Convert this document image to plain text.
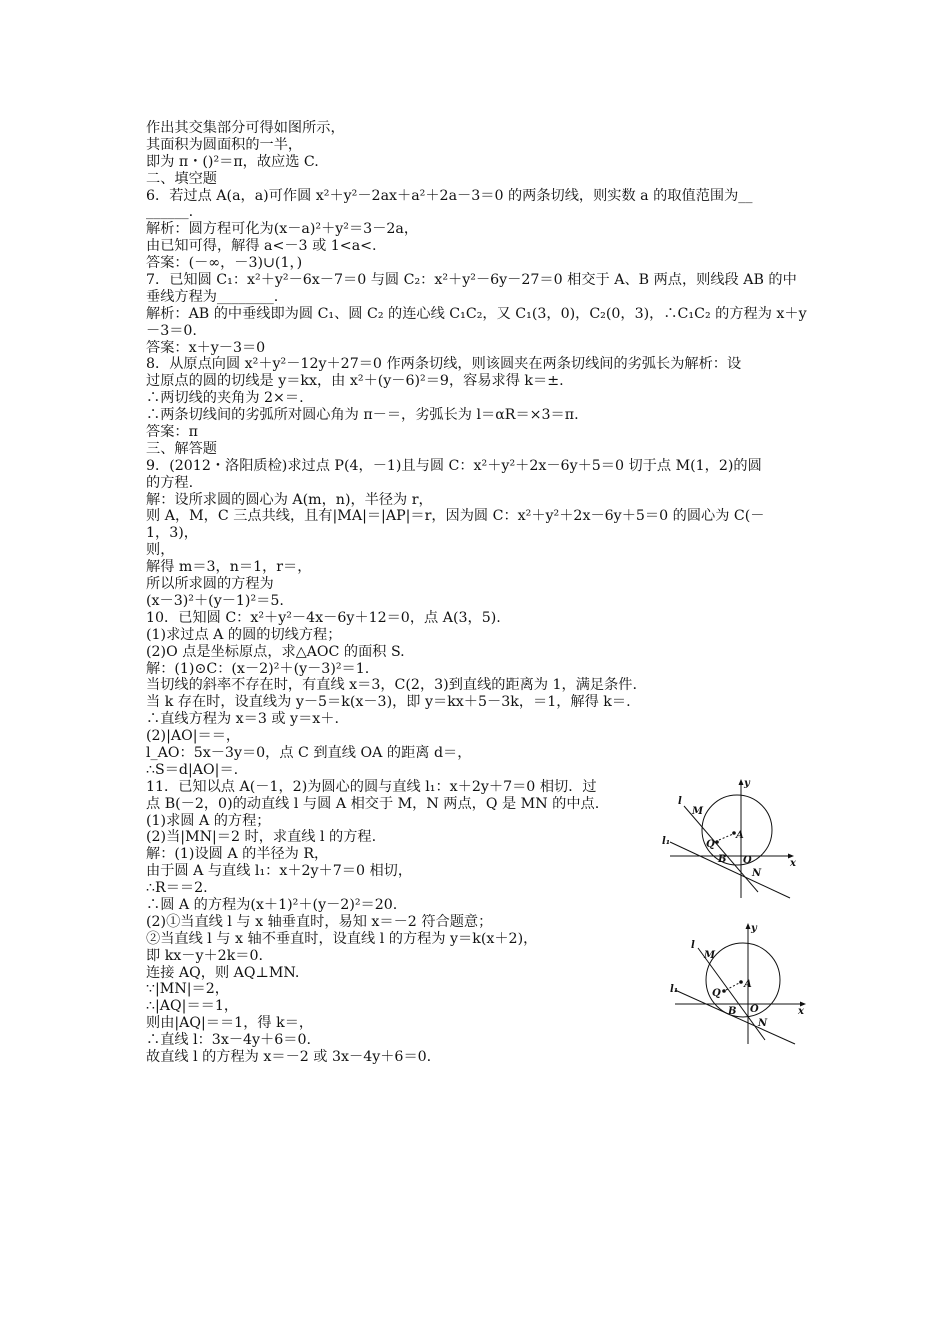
作出其交集部分可得如图所示，
其面积为圆面积的一半，
即为 π・()²＝π，故应选 C.
二、填空题
6．若过点 A(a，a)可作圆 x²＋y²－2ax＋a²＋2a－3＝0 的两条切线，则实数 a 的取值范围为__
______.
解析：圆方程可化为(x－a)²＋y²＝3－2a，
由已知可得，解得 a<－3 或 1<a<.
答案：(－∞，－3)∪(1，)
7．已知圆 C₁：x²＋y²－6x－7＝0 与圆 C₂：x²＋y²－6y－27＝0 相交于 A、B 两点，则线段 AB 的中
垂线方程为________.
解析：AB 的中垂线即为圆 C₁、圆 C₂ 的连心线 C₁C₂，又 C₁(3，0)，C₂(0，3)，∴C₁C₂ 的方程为 x＋y
－3＝0.
答案：x＋y－3＝0
8．从原点向圆 x²＋y²－12y＋27＝0 作两条切线，则该圆夹在两条切线间的劣弧长为解析：设
过原点的圆的切线是 y＝kx，由 x²＋(y－6)²＝9，容易求得 k＝±.
∴两切线的夹角为 2×＝.
∴两条切线间的劣弧所对圆心角为 π－＝，劣弧长为 l＝αR＝×3＝π.
答案：π
三、解答题
9．(2012・洛阳质检)求过点 P(4，－1)且与圆 C：x²＋y²＋2x－6y＋5＝0 切于点 M(1，2)的圆
的方程.
解：设所求圆的圆心为 A(m，n)，半径为 r，
则 A，M，C 三点共线，且有|MA|＝|AP|＝r，因为圆 C：x²＋y²＋2x－6y＋5＝0 的圆心为 C(－
1，3)，
则，
解得 m＝3，n＝1，r＝，
所以所求圆的方程为
(x－3)²＋(y－1)²＝5.
10．已知圆 C：x²＋y²－4x－6y＋12＝0，点 A(3，5).
(1)求过点 A 的圆的切线方程；
(2)O 点是坐标原点，求△AOC 的面积 S.
解：(1)⊙C：(x－2)²＋(y－3)²＝1.
当切线的斜率不存在时，有直线 x＝3，C(2，3)到直线的距离为 1，满足条件.
当 k 存在时，设直线为 y－5＝k(x－3)，即 y＝kx＋5－3k，＝1，解得 k＝.
∴直线方程为 x＝3 或 y＝x＋.
(2)|AO|＝＝，
l_AO：5x－3y＝0，点 C 到直线 OA 的距离 d＝，
∴S＝d|AO|＝.
11．已知以点 A(－1，2)为圆心的圆与直线 l₁：x＋2y＋7＝0 相切．过
点 B(－2，0)的动直线 l 与圆 A 相交于 M，N 两点，Q 是 MN 的中点.
(1)求圆 A 的方程；
(2)当|MN|＝2 时，求直线 l 的方程.
解：(1)设圆 A 的半径为 R，
由于圆 A 与直线 l₁：x＋2y＋7＝0 相切，
∴R＝＝2.
∴圆 A 的方程为(x＋1)²＋(y－2)²＝20.
(2)①当直线 l 与 x 轴垂直时，易知 x＝－2 符合题意；
②当直线 l 与 x 轴不垂直时，设直线 l 的方程为 y＝k(x＋2)，
即 kx－y＋2k＝0.
连接 AQ，则 AQ⊥MN.
∵|MN|＝2，
∴|AQ|＝＝1，
则由|AQ|＝＝1，得 k＝，
∴直线 l：3x－4y＋6＝0.
故直线 l 的方程为 x＝－2 或 3x－4y＋6＝0.
y
x
l
M
l₁	Q
A
B O
N
y
x
l
M
l₁	Q
A
B O
N
